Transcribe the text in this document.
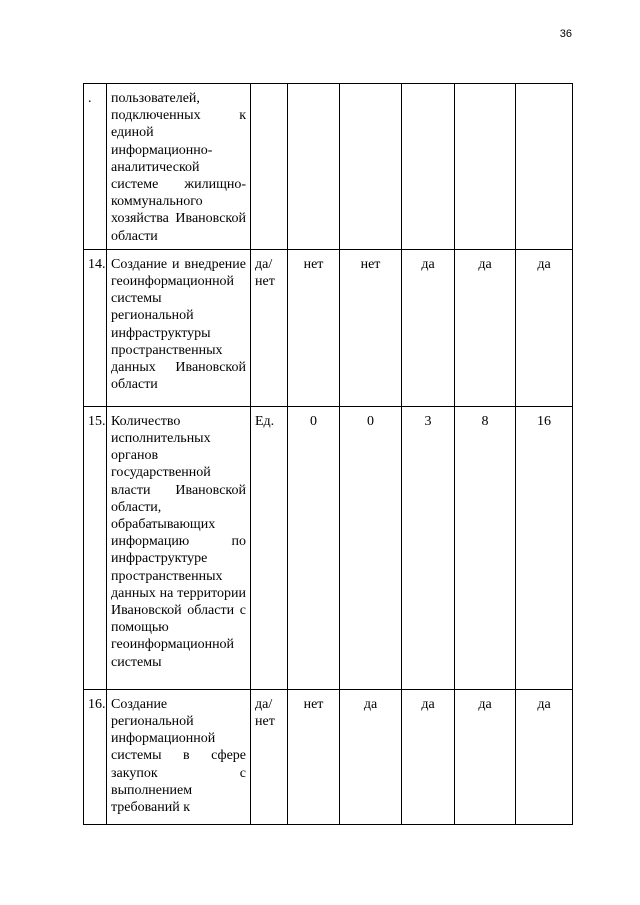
36
.	пользователей, подключенных к единой информационно-аналитической системе жилищно-коммунального хозяйства Ивановской области						

14.	Создание и внедрение геоинформационной системы региональной инфраструктуры пространственных данных Ивановской области	да/нет	нет	нет	да	да	да
15.	Количество исполнительных органов государственной власти Ивановской области, обрабатывающих информацию по инфраструктуре пространственных данных на территории Ивановской области с помощью геоинформационной системы	Ед.	0	0	3	8	16
16.	Создание региональной информационной системы в сфере закупок с выполнением требований к	да/нет	нет	да	да	да	да
